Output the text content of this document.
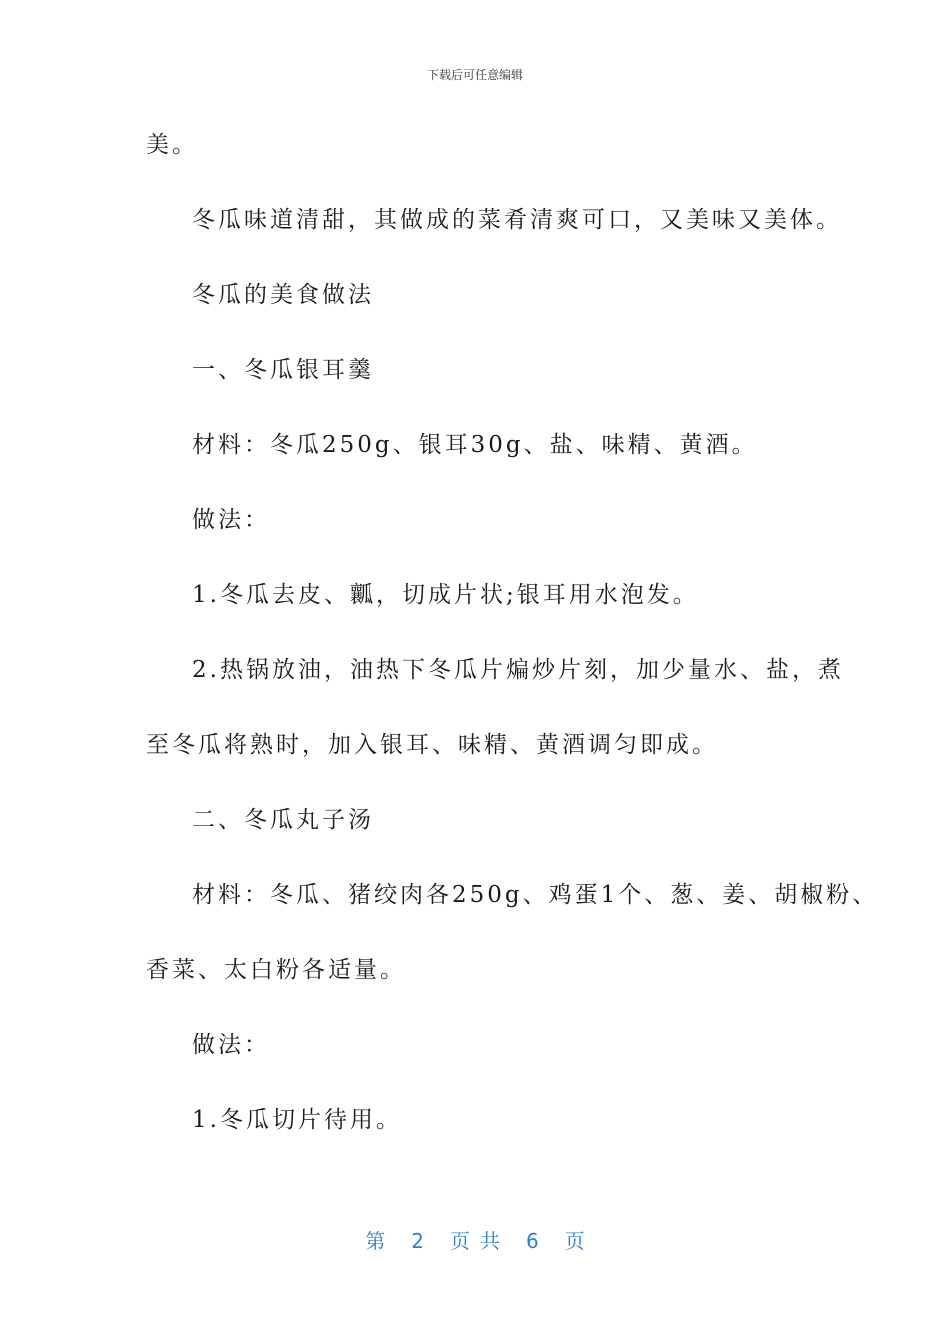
下载后可任意编辑
美。
冬瓜味道清甜，其做成的菜肴清爽可口，又美味又美体。
冬瓜的美食做法
一、冬瓜银耳羹
材料：冬瓜250g、银耳30g、盐、味精、黄酒。
做法：
1.冬瓜去皮、瓤，切成片状;银耳用水泡发。
2.热锅放油，油热下冬瓜片煸炒片刻，加少量水、盐，煮
至冬瓜将熟时，加入银耳、味精、黄酒调匀即成。
二、冬瓜丸子汤
材料：冬瓜、猪绞肉各250g、鸡蛋1个、葱、姜、胡椒粉、
香菜、太白粉各适量。
做法：
1.冬瓜切片待用。
第 2 页共 6 页
